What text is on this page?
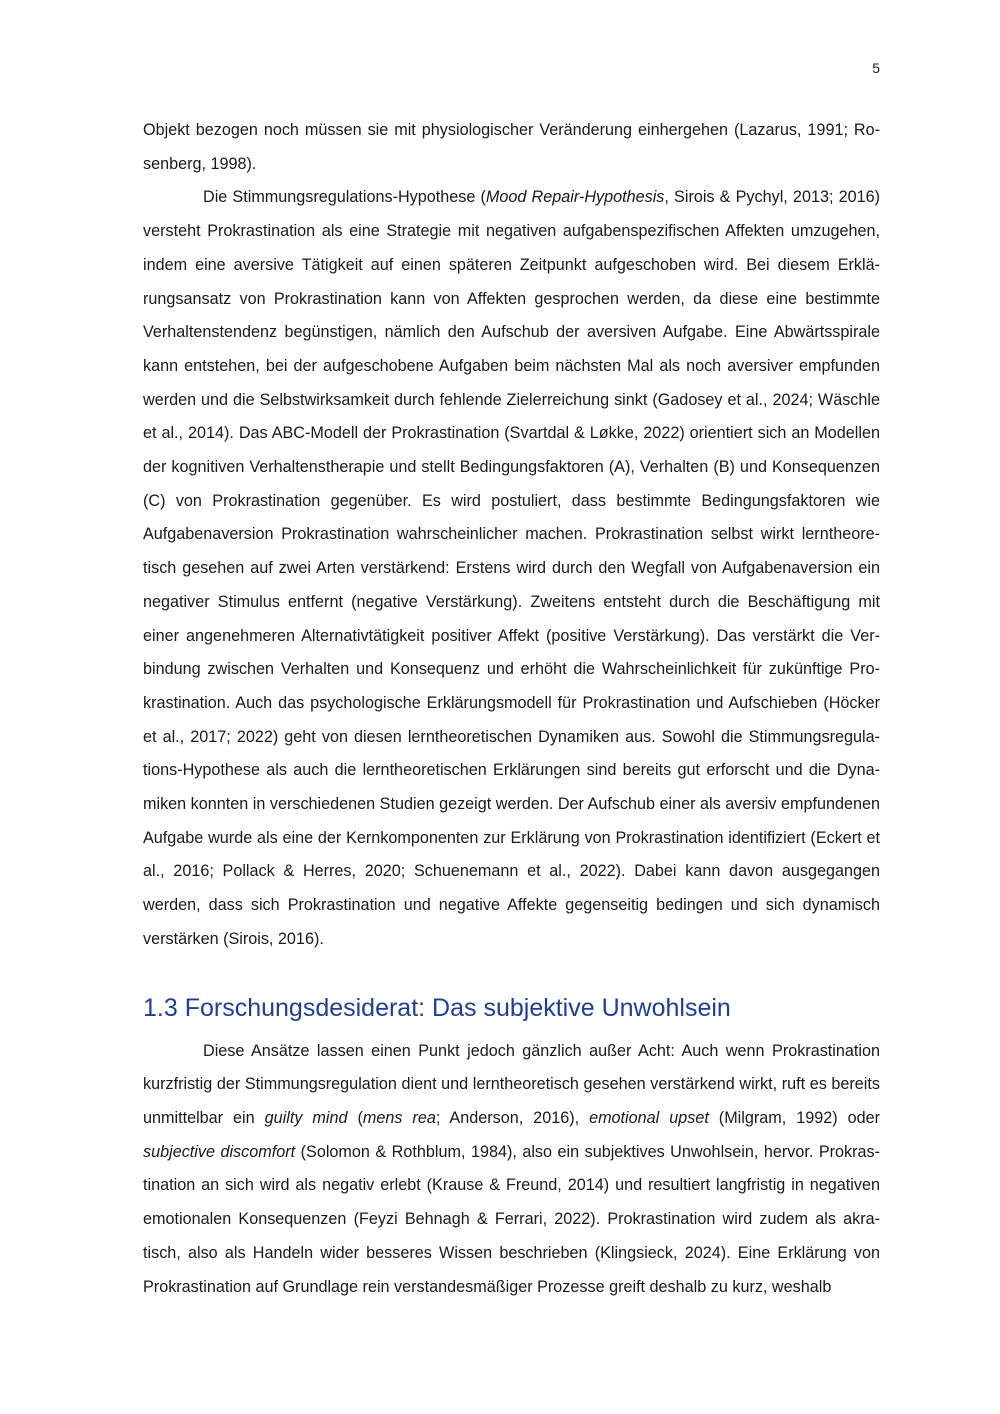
5

Objekt bezogen noch müssen sie mit physiologischer Veränderung einhergehen (Lazarus, 1991; Rosenberg, 1998).

Die Stimmungsregulations-Hypothese (Mood Repair-Hypothesis, Sirois & Pychyl, 2013; 2016) versteht Prokrastination als eine Strategie mit negativen aufgabenspezifischen Affekten umzugehen, indem eine aversive Tätigkeit auf einen späteren Zeitpunkt aufgeschoben wird. Bei diesem Erklärungsansatz von Prokrastination kann von Affekten gesprochen werden, da diese eine bestimmte Verhaltenstendenz begünstigen, nämlich den Aufschub der aversiven Aufgabe. Eine Abwärtsspirale kann entstehen, bei der aufgeschobene Aufgaben beim nächsten Mal als noch aversiver empfunden werden und die Selbstwirksamkeit durch fehlende Zielerreichung sinkt (Gadosey et al., 2024; Wäschle et al., 2014). Das ABC-Modell der Prokrastination (Svartdal & Løkke, 2022) orientiert sich an Modellen der kognitiven Verhaltenstherapie und stellt Bedingungsfaktoren (A), Verhalten (B) und Konsequenzen (C) von Prokrastination gegenüber. Es wird postuliert, dass bestimmte Bedingungsfaktoren wie Aufgabenaversion Prokrastination wahrscheinlicher machen. Prokrastination selbst wirkt lerntheoretisch gesehen auf zwei Arten verstärkend: Erstens wird durch den Wegfall von Aufgabenaversion ein negativer Stimulus entfernt (negative Verstärkung). Zweitens entsteht durch die Beschäftigung mit einer angenehmeren Alternativtätigkeit positiver Affekt (positive Verstärkung). Das verstärkt die Verbindung zwischen Verhalten und Konsequenz und erhöht die Wahrscheinlichkeit für zukünftige Prokrastination. Auch das psychologische Erklärungsmodell für Prokrastination und Aufschieben (Höcker et al., 2017; 2022) geht von diesen lerntheoretischen Dynamiken aus. Sowohl die Stimmungsregulations-Hypothese als auch die lerntheoretischen Erklärungen sind bereits gut erforscht und die Dynamiken konnten in verschiedenen Studien gezeigt werden. Der Aufschub einer als aversiv empfundenen Aufgabe wurde als eine der Kernkomponenten zur Erklärung von Prokrastination identifiziert (Eckert et al., 2016; Pollack & Herres, 2020; Schuenemann et al., 2022). Dabei kann davon ausgegangen werden, dass sich Prokrastination und negative Affekte gegenseitig bedingen und sich dynamisch verstärken (Sirois, 2016).

1.3 Forschungsdesiderat: Das subjektive Unwohlsein

Diese Ansätze lassen einen Punkt jedoch gänzlich außer Acht: Auch wenn Prokrastination kurzfristig der Stimmungsregulation dient und lerntheoretisch gesehen verstärkend wirkt, ruft es bereits unmittelbar ein guilty mind (mens rea; Anderson, 2016), emotional upset (Milgram, 1992) oder subjective discomfort (Solomon & Rothblum, 1984), also ein subjektives Unwohlsein, hervor. Prokrastination an sich wird als negativ erlebt (Krause & Freund, 2014) und resultiert langfristig in negativen emotionalen Konsequenzen (Feyzi Behnagh & Ferrari, 2022). Prokrastination wird zudem als akratisch, also als Handeln wider besseres Wissen beschrieben (Klingsieck, 2024). Eine Erklärung von Prokrastination auf Grundlage rein verstandesmäßiger Prozesse greift deshalb zu kurz, weshalb
